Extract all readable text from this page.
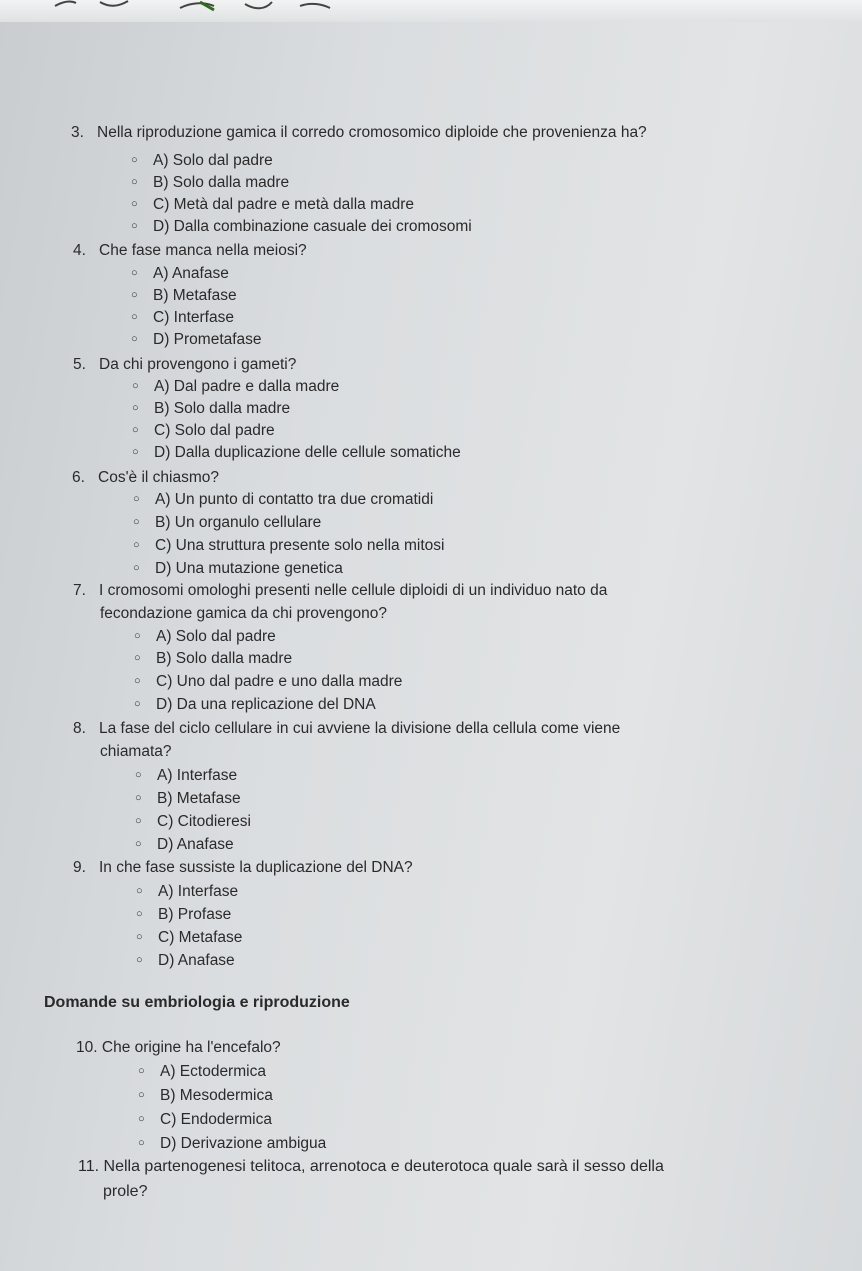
3. Nella riproduzione gamica il corredo cromosomico diploide che provenienza ha?
○ A) Solo dal padre
○ B) Solo dalla madre
○ C) Metà dal padre e metà dalla madre
○ D) Dalla combinazione casuale dei cromosomi
4. Che fase manca nella meiosi?
○ A) Anafase
○ B) Metafase
○ C) Interfase
○ D) Prometafase
5. Da chi provengono i gameti?
○ A) Dal padre e dalla madre
○ B) Solo dalla madre
○ C) Solo dal padre
○ D) Dalla duplicazione delle cellule somatiche
6. Cos'è il chiasmo?
○ A) Un punto di contatto tra due cromatidi
○ B) Un organulo cellulare
○ C) Una struttura presente solo nella mitosi
○ D) Una mutazione genetica
7. I cromosomi omologhi presenti nelle cellule diploidi di un individuo nato da
fecondazione gamica da chi provengono?
○ A) Solo dal padre
○ B) Solo dalla madre
○ C) Uno dal padre e uno dalla madre
○ D) Da una replicazione del DNA
8. La fase del ciclo cellulare in cui avviene la divisione della cellula come viene
chiamata?
○ A) Interfase
○ B) Metafase
○ C) Citodieresi
○ D) Anafase
9. In che fase sussiste la duplicazione del DNA?
○ A) Interfase
○ B) Profase
○ C) Metafase
○ D) Anafase
Domande su embriologia e riproduzione
10. Che origine ha l'encefalo?
○ A) Ectodermica
○ B) Mesodermica
○ C) Endodermica
○ D) Derivazione ambigua
11. Nella partenogenesi telitoca, arrenotoca e deuterotoca quale sarà il sesso della
prole?
